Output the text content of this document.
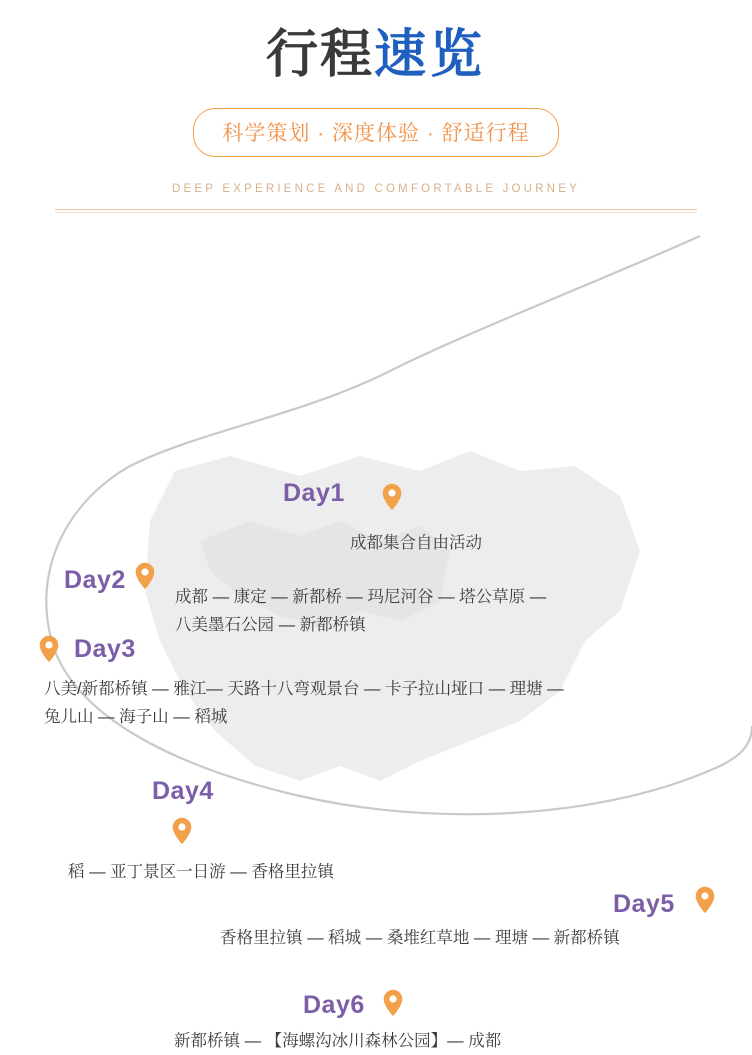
行程速览
科学策划 · 深度体验 · 舒适行程
DEEP EXPERIENCE AND COMFORTABLE JOURNEY
Day1
成都集合自由活动
Day2
成都 — 康定 — 新都桥 — 玛尼河谷 — 塔公草原 —
八美墨石公园 — 新都桥镇
Day3
八美/新都桥镇 — 雅江— 天路十八弯观景台 — 卡子拉山垭口 — 理塘 —
兔儿山 — 海子山 — 稻城
Day4
稻 — 亚丁景区一日游 — 香格里拉镇
Day5
香格里拉镇 — 稻城 — 桑堆红草地 — 理塘 — 新都桥镇
Day6
新都桥镇 — 【海螺沟冰川森林公园】— 成都
